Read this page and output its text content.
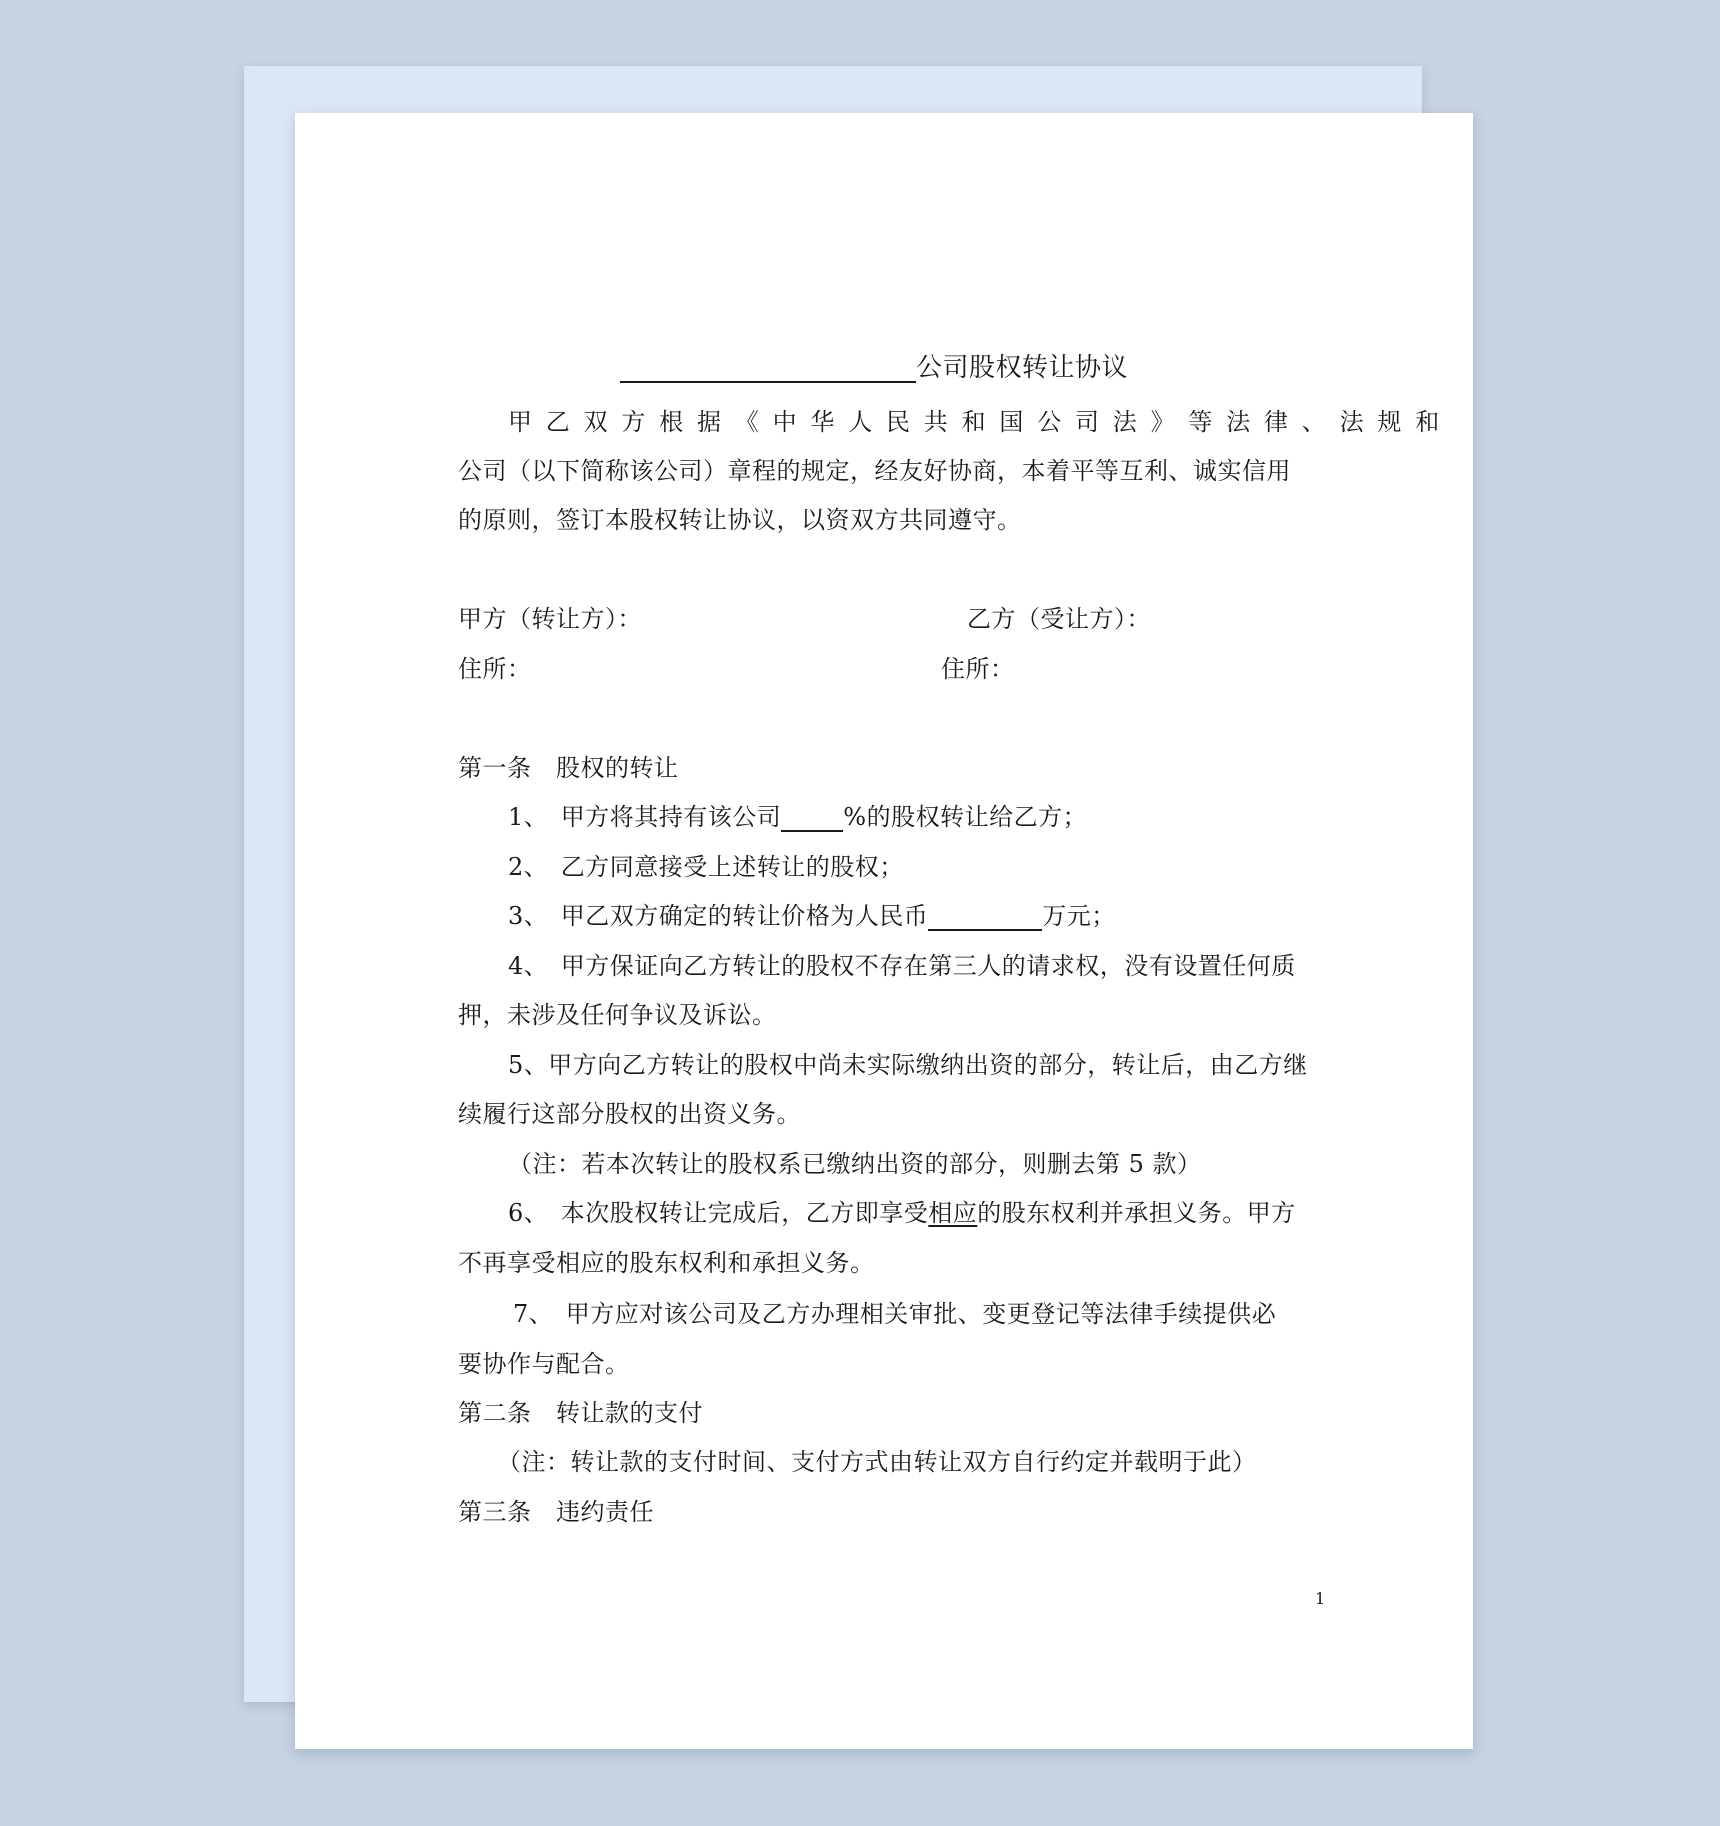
公司股权转让协议
甲乙双方根据《中华人民共和国公司法》等法律、法规和
公司（以下简称该公司）章程的规定，经友好协商，本着平等互利、诚实信用
的原则，签订本股权转让协议，以资双方共同遵守。
甲方（转让方）：	乙方（受让方）：
住所：	住所：
第一条　股权的转让
1、　甲方将其持有该公司	%的股权转让给乙方；
2、　乙方同意接受上述转让的股权；
3、　甲乙双方确定的转让价格为人民币	万元；
4、　甲方保证向乙方转让的股权不存在第三人的请求权，没有设置任何质
押，未涉及任何争议及诉讼。
5、甲方向乙方转让的股权中尚未实际缴纳出资的部分，转让后，由乙方继
续履行这部分股权的出资义务。
（注：若本次转让的股权系已缴纳出资的部分，则删去第 5 款）
6、　本次股权转让完成后，乙方即享受相应的股东权利并承担义务。甲方
不再享受相应的股东权利和承担义务。
7、　甲方应对该公司及乙方办理相关审批、变更登记等法律手续提供必
要协作与配合。
第二条　转让款的支付
（注：转让款的支付时间、支付方式由转让双方自行约定并载明于此）
第三条　违约责任
1
